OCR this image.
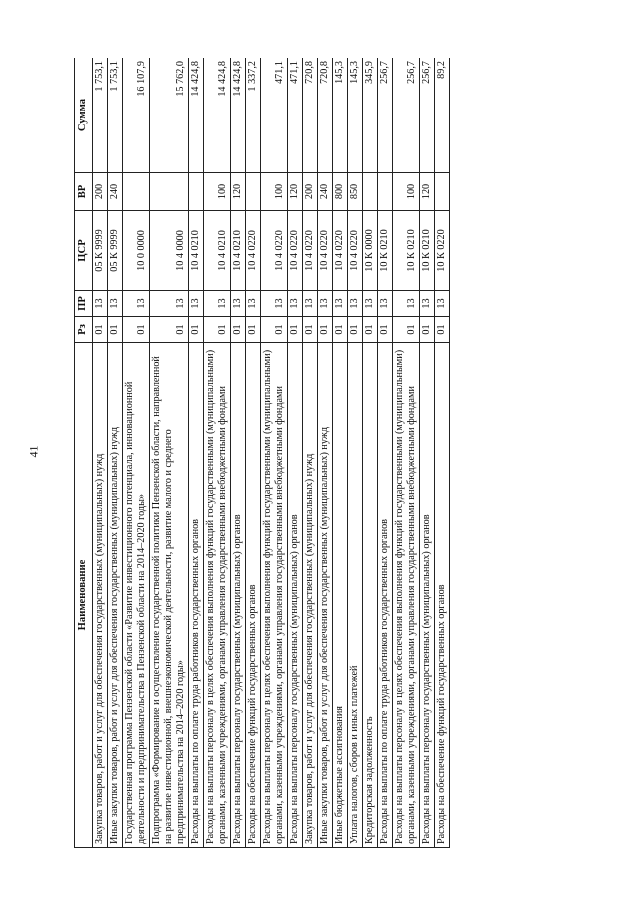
41
Наименование	Рз	ПР	ЦСР	ВР	Сумма
Закупка товаров, работ и услуг для обеспечения государственных (муниципальных) нужд	01	13	05 К 9999	200	1 753,1
Иные закупки товаров, работ и услуг для обеспечения государственных (муниципальных) нужд	01	13	05 К 9999	240	1 753,1
Государственная программа Пензенской области «Развитие инвестиционного потенциала, инновационной деятельности и предпринимательства в Пензенской области на 2014–2020 годы»	01	13	10 0 0000		16 107,9
Подпрограмма «Формирование и осуществление государственной политики Пензенской области, направленной на развитие инвестиционной, внешнеэкономической деятельности, развитие малого и среднего предпринимательства на 2014–2020 годы»	01	13	10 4 0000		15 762,0
Расходы на выплаты по оплате труда работников государственных органов	01	13	10 4 0210		14 424,8
Расходы на выплаты персоналу в целях обеспечения выполнения функций государственными (муниципальными) органами, казенными учреждениями, органами управления государственными внебюджетными фондами	01	13	10 4 0210	100	14 424,8
Расходы на выплаты персоналу государственных (муниципальных) органов	01	13	10 4 0210	120	14 424,8
Расходы на обеспечение функций государственных органов	01	13	10 4 0220		1 337,2
Расходы на выплаты персоналу в целях обеспечения выполнения функций государственными (муниципальными) органами, казенными учреждениями, органами управления государственными внебюджетными фондами	01	13	10 4 0220	100	471,1
Расходы на выплаты персоналу государственных (муниципальных) органов	01	13	10 4 0220	120	471,1
Закупка товаров, работ и услуг для обеспечения государственных (муниципальных) нужд	01	13	10 4 0220	200	720,8
Иные закупки товаров, работ и услуг для обеспечения государственных (муниципальных) нужд	01	13	10 4 0220	240	720,8
Иные бюджетные ассигнования	01	13	10 4 0220	800	145,3
Уплата налогов, сборов и иных платежей	01	13	10 4 0220	850	145,3
Кредиторская задолженность	01	13	10 К 0000		345,9
Расходы на выплаты по оплате труда работников государственных органов	01	13	10 К 0210		256,7
Расходы на выплаты персоналу в целях обеспечения выполнения функций государственными (муниципальными) органами, казенными учреждениями, органами управления государственными внебюджетными фондами	01	13	10 К 0210	100	256,7
Расходы на выплаты персоналу государственных (муниципальных) органов	01	13	10 К 0210	120	256,7
Расходы на обеспечение функций государственных органов	01	13	10 К 0220		89,2
